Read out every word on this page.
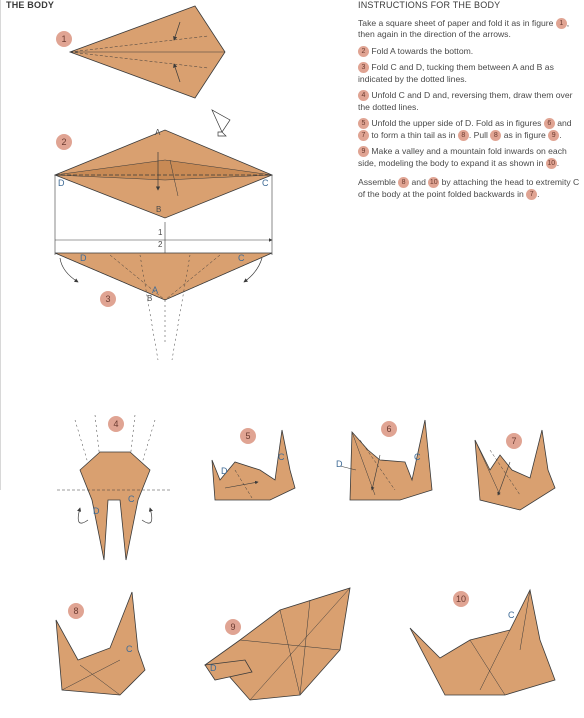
THE BODY	INSTRUCTIONS FOR THE BODY

Take a square sheet of paper and fold it as in figure 1 , then again in the direction of the arrows.

2 Fold A towards the bottom.

3 Fold C and D, tucking them between A and B as indicated by the dotted lines.

4 Unfold C and D and, reversing them, draw them over the dotted lines.

5 Unfold the upper side of D. Fold as in figures 6 and 7 to form a thin tail as in 8 . Pull 8 as in figure 9 .

9 Make a valley and a mountain fold inwards on each side, modeling the body to expand it as shown in 10 .

Assemble 8 and 10 by attaching the head to extremity C of the body at the point folded backwards in 7 .

1
2
3
4
5
6
7
8
9
10
A
B
D	C
1
2
D	C
A
B
D
C
D
C
D
C
C
D
C
